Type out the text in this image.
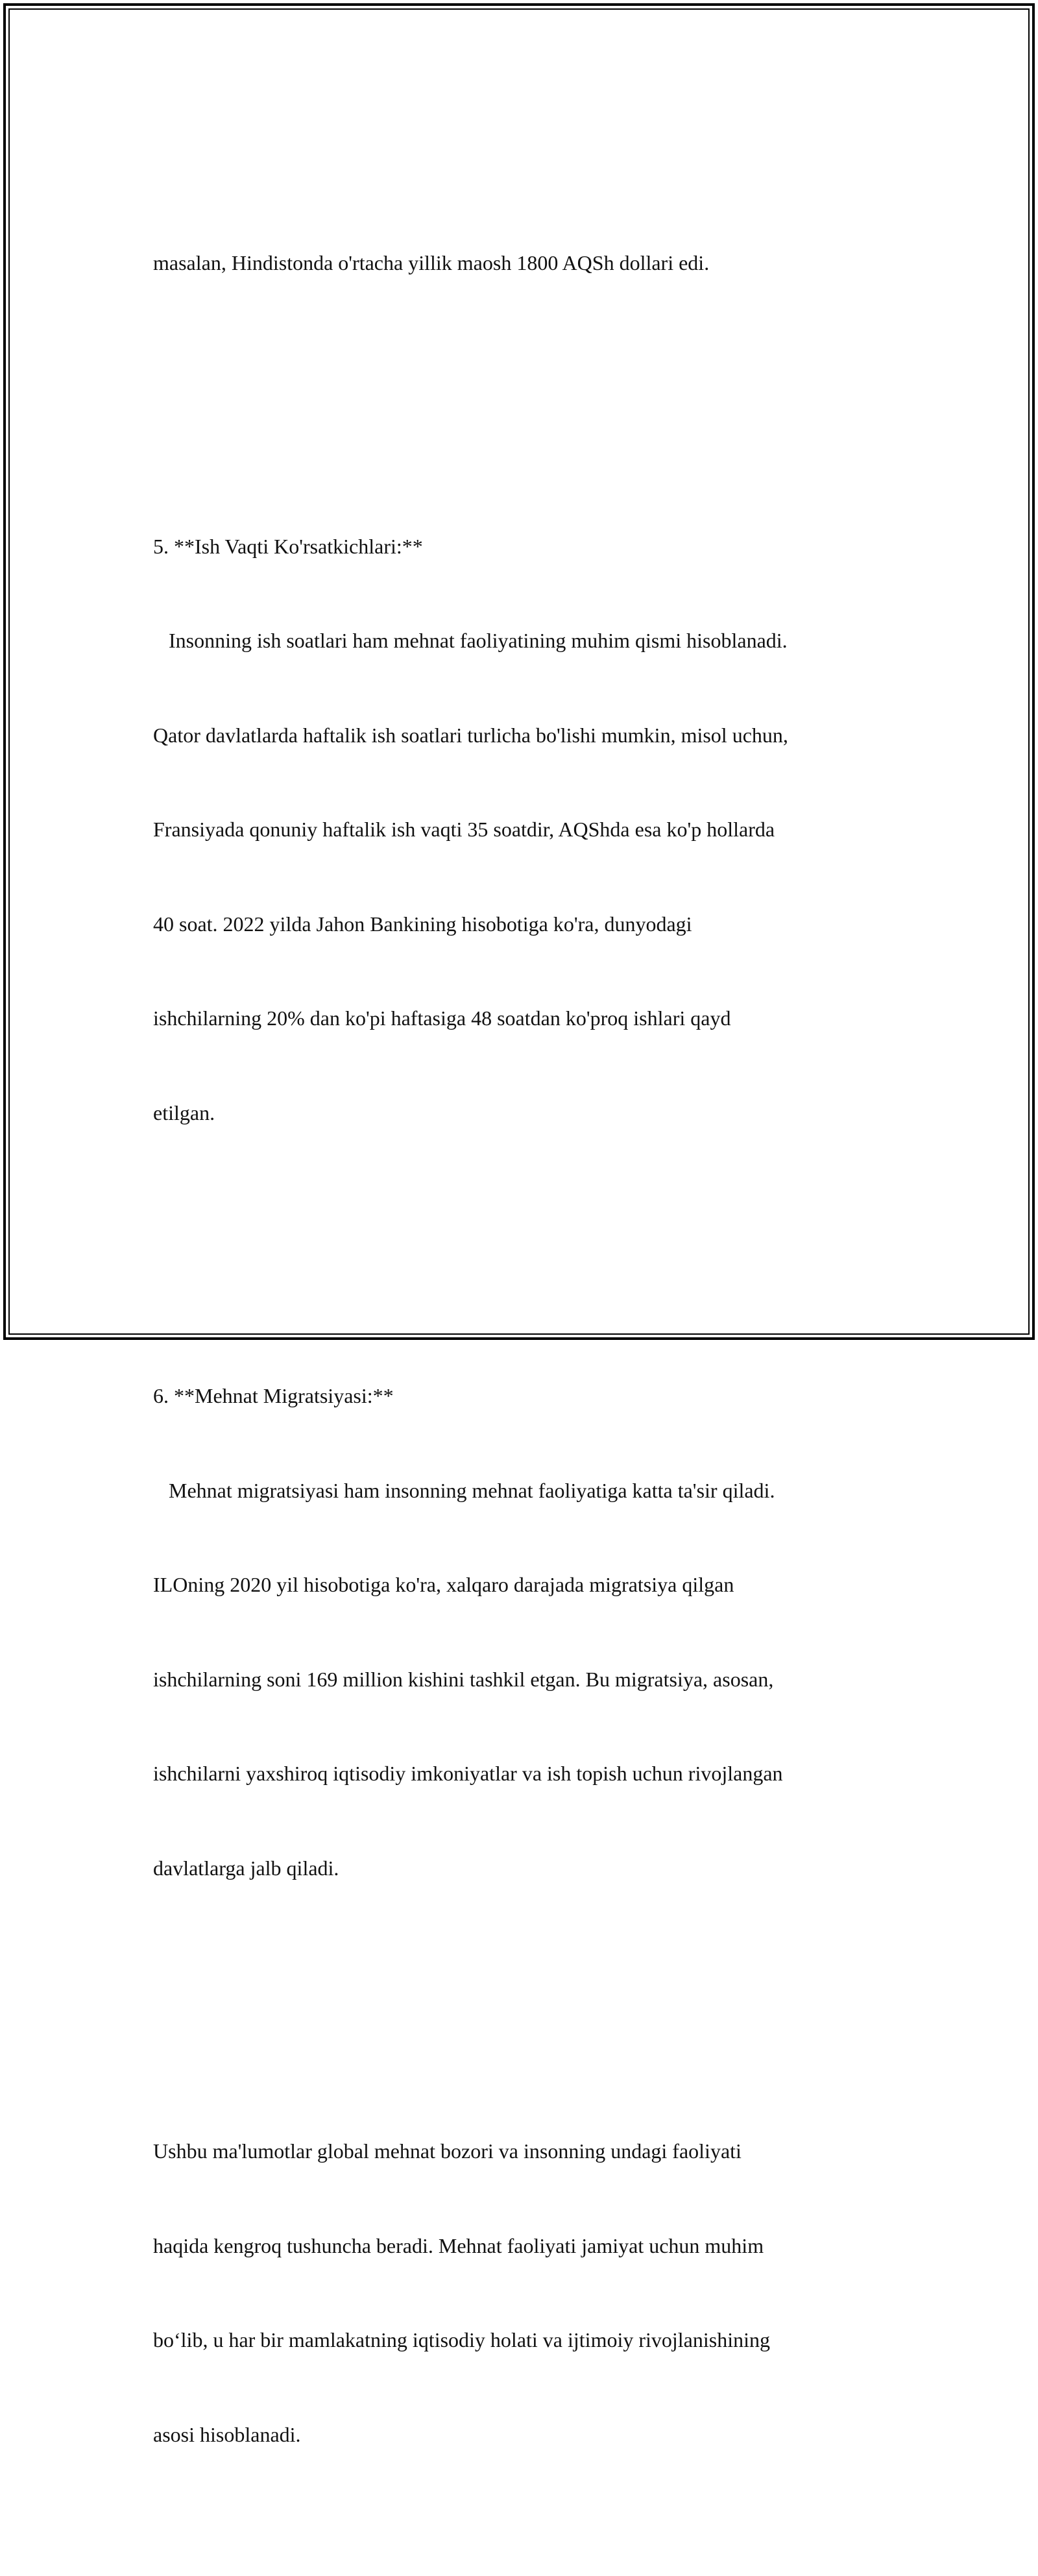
masalan, Hindistonda o'rtacha yillik maosh 1800 AQSh dollari edi.

5. **Ish Vaqti Ko'rsatkichlari:**

Insonning ish soatlari ham mehnat faoliyatining muhim qismi hisoblanadi.

Qator davlatlarda haftalik ish soatlari turlicha bo'lishi mumkin, misol uchun,

Fransiyada qonuniy haftalik ish vaqti 35 soatdir, AQShda esa ko'p hollarda

40 soat. 2022 yilda Jahon Bankining hisobotiga ko'ra, dunyodagi

ishchilarning 20% dan ko'pi haftasiga 48 soatdan ko'proq ishlari qayd

etilgan.

6. **Mehnat Migratsiyasi:**

Mehnat migratsiyasi ham insonning mehnat faoliyatiga katta ta'sir qiladi.

ILOning 2020 yil hisobotiga ko'ra, xalqaro darajada migratsiya qilgan

ishchilarning soni 169 million kishini tashkil etgan. Bu migratsiya, asosan,

ishchilarni yaxshiroq iqtisodiy imkoniyatlar va ish topish uchun rivojlangan

davlatlarga jalb qiladi.

Ushbu ma'lumotlar global mehnat bozori va insonning undagi faoliyati

haqida kengroq tushuncha beradi. Mehnat faoliyati jamiyat uchun muhim

bo‘lib, u har bir mamlakatning iqtisodiy holati va ijtimoiy rivojlanishining

asosi hisoblanadi.
